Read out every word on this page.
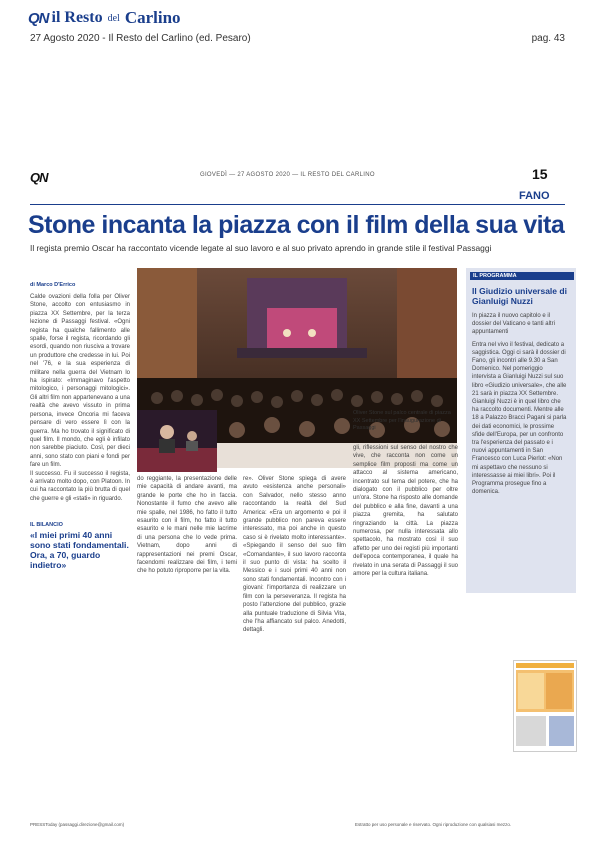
QN il Resto del Carlino
27 Agosto 2020 - Il Resto del Carlino (ed. Pesaro)	pag. 43
QN	GIOVEDÌ — 27 AGOSTO 2020 — IL RESTO DEL CARLINO	15
FANO
Stone incanta la piazza con il film della sua vita
Il regista premio Oscar ha raccontato vicende legate al suo lavoro e al suo privato aprendo in grande stile il festival Passaggi
di Marco D'Errico
Calde ovazioni della folla per Oliver Stone, accolto con entusiasmo in piazza XX Settembre, per la terza lezione di Passaggi festival. «Ogni regista ha qualche fallimento alle spalle, forse il regista, ricordando gli esordi, quando non riusciva a trovare un produttore che credesse in lui. Poi nel '76, e la sua esperienza di militare nella guerra del Vietnam lo ha ispirato: «Immaginavo l'aspetto mitologico, i personaggi mitologici». Gli altri film non appartenevano a una realtà che avevo vissuto in prima persona, invece Oncoria mi faceva pensare di vero essere lì con la guerra. Ma ho trovato il significato di quel film. Il mondo, che egli è infilato non sarebbe piaciuto. Così, per dieci anni, sono stato con piani e fondi per fare un film.
Il successo. Fu il successo il regista, è arrivato molto dopo, con Platoon. In cui ha raccontato la più brutta di quel che guerre e gli «stati» in riguardo.
IL BILANCIO
«I miei primi 40 anni sono stati fondamentali. Ora, a 70, guardo indietro»
do reggiante, la presentazione delle mie capacità di andare avanti, ma grande le porte che ho in faccia. Nonostante il fumo che avevo alle mie spalle, nel 1986, ho fatto il tutto esaurito con il film, ho fatto il tutto esaurito e le mani nelle mie lacrime di una persona che lo vede prima. Vietnam, dopo anni di rappresentazioni nei premi Oscar, facendomi realizzare dei film, i temi che ho potuto riproporre per la vita.
re». Oliver Stone spiega di avere avuto «esistenza anche personali» con Salvador, nello stesso anno raccontando la realtà del Sud America: «Era un argomento e poi il grande pubblico non pareva essere interessato, ma poi anche in questo caso si è rivelato molto interessante». «Spiegando il senso del suo film «Comandante», il suo lavoro racconta il suo punto di vista: ha scelto il Messico e i suoi primi 40 anni non sono stati fondamentali. Incontro con i giovani: l'importanza di realizzare un film con la perseveranza. Il regista ha posto l'attenzione del pubblico, grazie alla puntuale traduzione di Silvia Vita, che l'ha affiancato sul palco. Anedotti, dettagli.
Oliver Stone sul palco centrale di piazza XX Settembre per l'inaugurazione di Passaggi
gli, riflessioni sul senso del nostro che vive, che racconta non come un semplice film proposti ma come un attacco al sistema americano, incentrato sul tema del potere, che ha dialogato con il pubblico per oltre un'ora. Stone ha risposto alle domande del pubblico e alla fine, davanti a una piazza gremita, ha salutato ringraziando la città. La piazza numerosa, per nulla interessata allo spettacolo, ha mostrato così il suo affetto per uno dei registi più importanti dell'epoca contemporanea, il quale ha rivelato in una serata di Passaggi il suo amore per la cultura italiana.
IL PROGRAMMA
Il Giudizio universale di Gianluigi Nuzzi
In piazza il nuovo capitolo e il dossier del Vaticano e tanti altri appuntamenti
Entra nel vivo il festival, dedicato a saggistica. Oggi ci sarà il dossier di Fano, gli incontri alle 9.30 a San Domenico. Nel pomeriggio intervista a Gianluigi Nuzzi sul suo libro «Giudizio universale», che alle 21 sarà in piazza XX Settembre. Gianluigi Nuzzi è in quel libro che ha raccolto documenti. Mentre alle 18 a Palazzo Bracci Pagani si parla dei dati economici, le prossime sfide dell'Europa, per un confronto tra l'esperienza del passato e i nuovi appuntamenti in San Francesco con Luca Pierlot: «Non mi aspettavo che nessuno si interessasse ai miei libri». Poi il Programma prosegue fino a domenica.
PRESSToday (passaggi.direzione@gmail.com)	Estratto per uso personale e riservato. Ogni riproduzione con qualsiasi mezzo.
